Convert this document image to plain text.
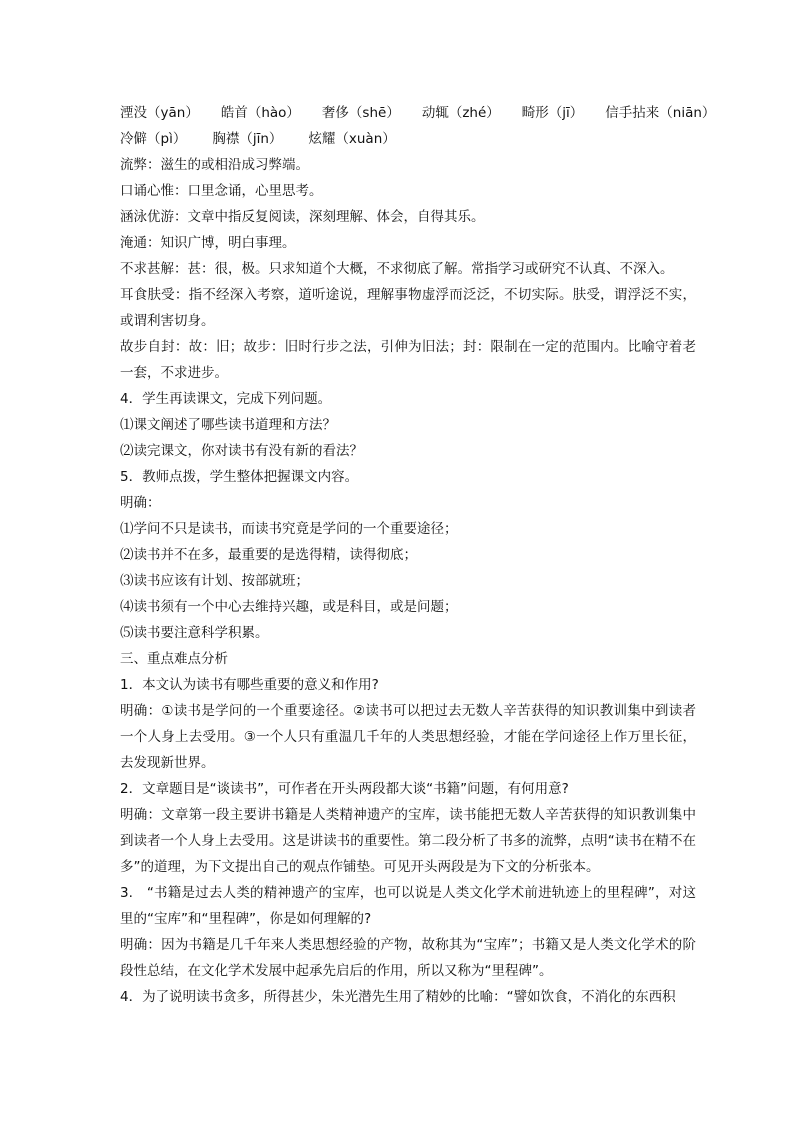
湮没（yān） 皓首（hào） 奢侈（shē） 动辄（zhé） 畸形（jī） 信手拈来（niān）
冷僻（pì） 胸襟（jīn） 炫耀（xuàn）

流弊：滋生的或相沿成习弊端。

口诵心惟：口里念诵，心里思考。

涵泳优游：文章中指反复阅读，深刻理解、体会，自得其乐。

淹通：知识广博，明白事理。

不求甚解：甚：很，极。只求知道个大概，不求彻底了解。常指学习或研究不认真、不深入。

耳食肤受：指不经深入考察，道听途说，理解事物虚浮而泛泛，不切实际。肤受，谓浮泛不实，或谓利害切身。

故步自封：故：旧；故步：旧时行步之法，引伸为旧法；封：限制在一定的范围内。比喻守着老一套，不求进步。

4．学生再读课文，完成下列问题。

⑴课文阐述了哪些读书道理和方法？

⑵读完课文，你对读书有没有新的看法？

5．教师点拨，学生整体把握课文内容。

明确：

⑴学问不只是读书，而读书究竟是学问的一个重要途径；

⑵读书并不在多，最重要的是选得精，读得彻底；

⑶读书应该有计划、按部就班；

⑷读书须有一个中心去维持兴趣，或是科目，或是问题；

⑸读书要注意科学积累。

三、重点难点分析

1．本文认为读书有哪些重要的意义和作用?

明确：①读书是学问的一个重要途径。②读书可以把过去无数人辛苦获得的知识教训集中到读者一个人身上去受用。③一个人只有重温几千年的人类思想经验，才能在学问途径上作万里长征，去发现新世界。

2．文章题目是“谈读书”，可作者在开头两段都大谈“书籍”问题，有何用意?

明确：文章第一段主要讲书籍是人类精神遗产的宝库，读书能把无数人辛苦获得的知识教训集中到读者一个人身上去受用。这是讲读书的重要性。第二段分析了书多的流弊，点明“读书在精不在多”的道理，为下文提出自己的观点作铺垫。可见开头两段是为下文的分析张本。

3.　“书籍是过去人类的精神遗产的宝库，也可以说是人类文化学术前进轨迹上的里程碑”，对这里的“宝库”和“里程碑”，你是如何理解的?

明确：因为书籍是几千年来人类思想经验的产物，故称其为“宝库”；书籍又是人类文化学术的阶段性总结，在文化学术发展中起承先启后的作用，所以又称为“里程碑”。

4．为了说明读书贪多，所得甚少，朱光潜先生用了精妙的比喻：“譬如饮食，不消化的东西积
